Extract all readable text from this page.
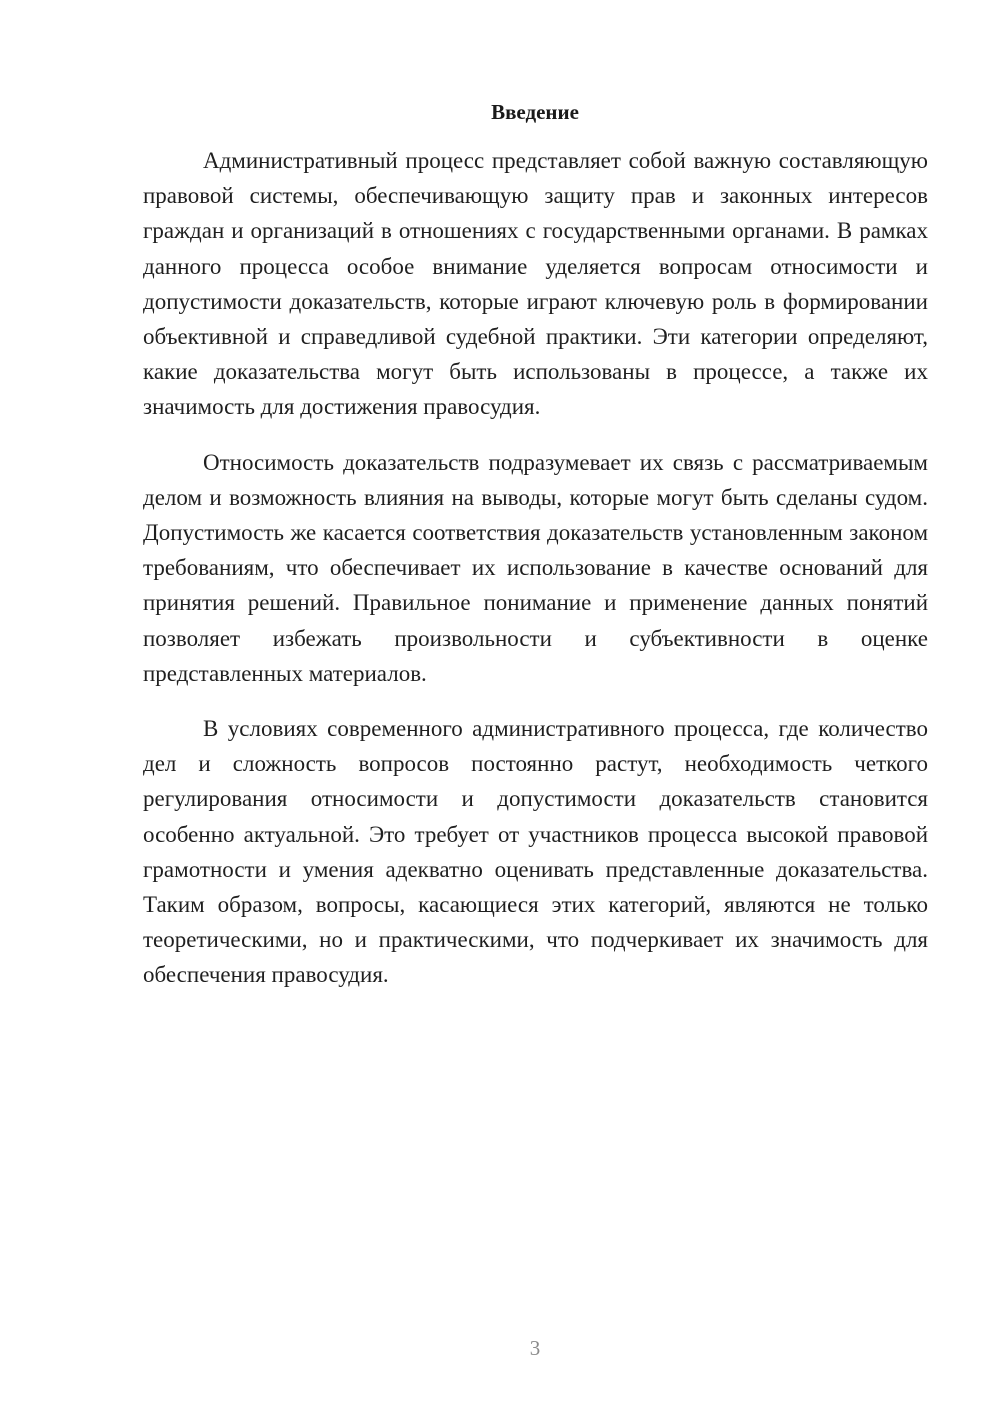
Введение

Административный процесс представляет собой важную составляющую правовой системы, обеспечивающую защиту прав и законных интересов граждан и организаций в отношениях с государственными органами. В рамках данного процесса особое внимание уделяется вопросам относимости и допустимости доказательств, которые играют ключевую роль в формировании объективной и справедливой судебной практики. Эти категории определяют, какие доказательства могут быть использованы в процессе, а также их значимость для достижения правосудия.

Относимость доказательств подразумевает их связь с рассматриваемым делом и возможность влияния на выводы, которые могут быть сделаны судом. Допустимость же касается соответствия доказательств установленным законом требованиям, что обеспечивает их использование в качестве оснований для принятия решений. Правильное понимание и применение данных понятий позволяет избежать произвольности и субъективности в оценке представленных материалов.

В условиях современного административного процесса, где количество дел и сложность вопросов постоянно растут, необходимость четкого регулирования относимости и допустимости доказательств становится особенно актуальной. Это требует от участников процесса высокой правовой грамотности и умения адекватно оценивать представленные доказательства. Таким образом, вопросы, касающиеся этих категорий, являются не только теоретическими, но и практическими, что подчеркивает их значимость для обеспечения правосудия.

3
